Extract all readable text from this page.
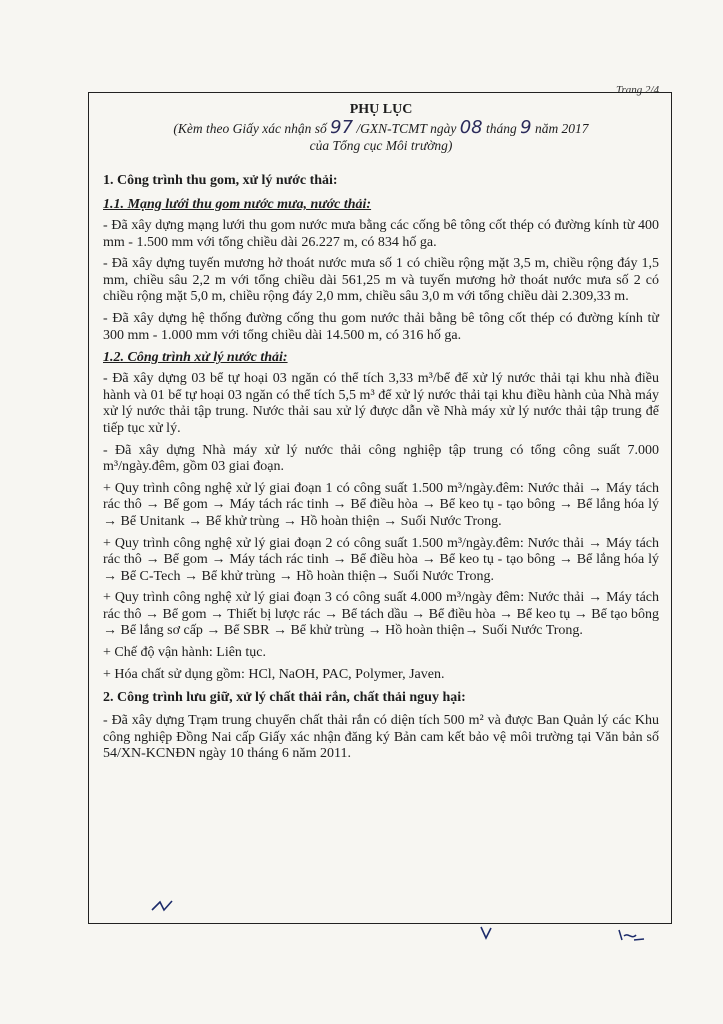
Trang 2/4

PHỤ LỤC

(Kèm theo Giấy xác nhận số 97 /GXN-TCMT ngày 08 tháng 9 năm 2017

của Tổng cục Môi trường)

1. Công trình thu gom, xử lý nước thải:
1.1. Mạng lưới thu gom nước mưa, nước thải:

- Đã xây dựng mạng lưới thu gom nước mưa bằng các cống bê tông cốt thép có đường kính từ 400 mm - 1.500 mm với tổng chiều dài 26.227 m, có 834 hố ga.

- Đã xây dựng tuyến mương hở thoát nước mưa số 1 có chiều rộng mặt 3,5 m, chiều rộng đáy 1,5 mm, chiều sâu 2,2 m với tổng chiều dài 561,25 m và tuyến mương hở thoát nước mưa số 2 có chiều rộng mặt 5,0 m, chiều rộng đáy 2,0 mm, chiều sâu 3,0 m với tổng chiều dài 2.309,33 m.

- Đã xây dựng hệ thống đường cống thu gom nước thải bằng bê tông cốt thép có đường kính từ 300 mm - 1.000 mm với tổng chiều dài 14.500 m, có 316 hố ga.

1.2. Công trình xử lý nước thải:

- Đã xây dựng 03 bể tự hoại 03 ngăn có thể tích 3,33 m³/bể để xử lý nước thải tại khu nhà điều hành và 01 bể tự hoại 03 ngăn có thể tích 5,5 m³ để xử lý nước thải tại khu điều hành của Nhà máy xử lý nước thải tập trung. Nước thải sau xử lý được dẫn về Nhà máy xử lý nước thải tập trung để tiếp tục xử lý.

- Đã xây dựng Nhà máy xử lý nước thải công nghiệp tập trung có tổng công suất 7.000 m³/ngày.đêm, gồm 03 giai đoạn.

+ Quy trình công nghệ xử lý giai đoạn 1 có công suất 1.500 m³/ngày.đêm: Nước thải → Máy tách rác thô → Bể gom → Máy tách rác tinh → Bể điều hòa → Bể keo tụ - tạo bông → Bể lắng hóa lý → Bể Unitank → Bể khử trùng → Hồ hoàn thiện → Suối Nước Trong.

+ Quy trình công nghệ xử lý giai đoạn 2 có công suất 1.500 m³/ngày.đêm: Nước thải → Máy tách rác thô → Bể gom → Máy tách rác tinh → Bể điều hòa → Bể keo tụ - tạo bông → Bể lắng hóa lý → Bể C-Tech → Bể khử trùng → Hồ hoàn thiện→ Suối Nước Trong.

+ Quy trình công nghệ xử lý giai đoạn 3 có công suất 4.000 m³/ngày đêm: Nước thải → Máy tách rác thô → Bể gom → Thiết bị lược rác → Bể tách dầu → Bể điều hòa → Bể keo tụ → Bể tạo bông → Bể lắng sơ cấp → Bể SBR → Bể khử trùng → Hồ hoàn thiện→ Suối Nước Trong.

+ Chế độ vận hành: Liên tục.

+ Hóa chất sử dụng gồm: HCl, NaOH, PAC, Polymer, Javen.

2. Công trình lưu giữ, xử lý chất thải rắn, chất thải nguy hại:

- Đã xây dựng Trạm trung chuyển chất thải rắn có diện tích 500 m² và được Ban Quản lý các Khu công nghiệp Đồng Nai cấp Giấy xác nhận đăng ký Bản cam kết bảo vệ môi trường tại Văn bản số 54/XN-KCNĐN ngày 10 tháng 6 năm 2011.
